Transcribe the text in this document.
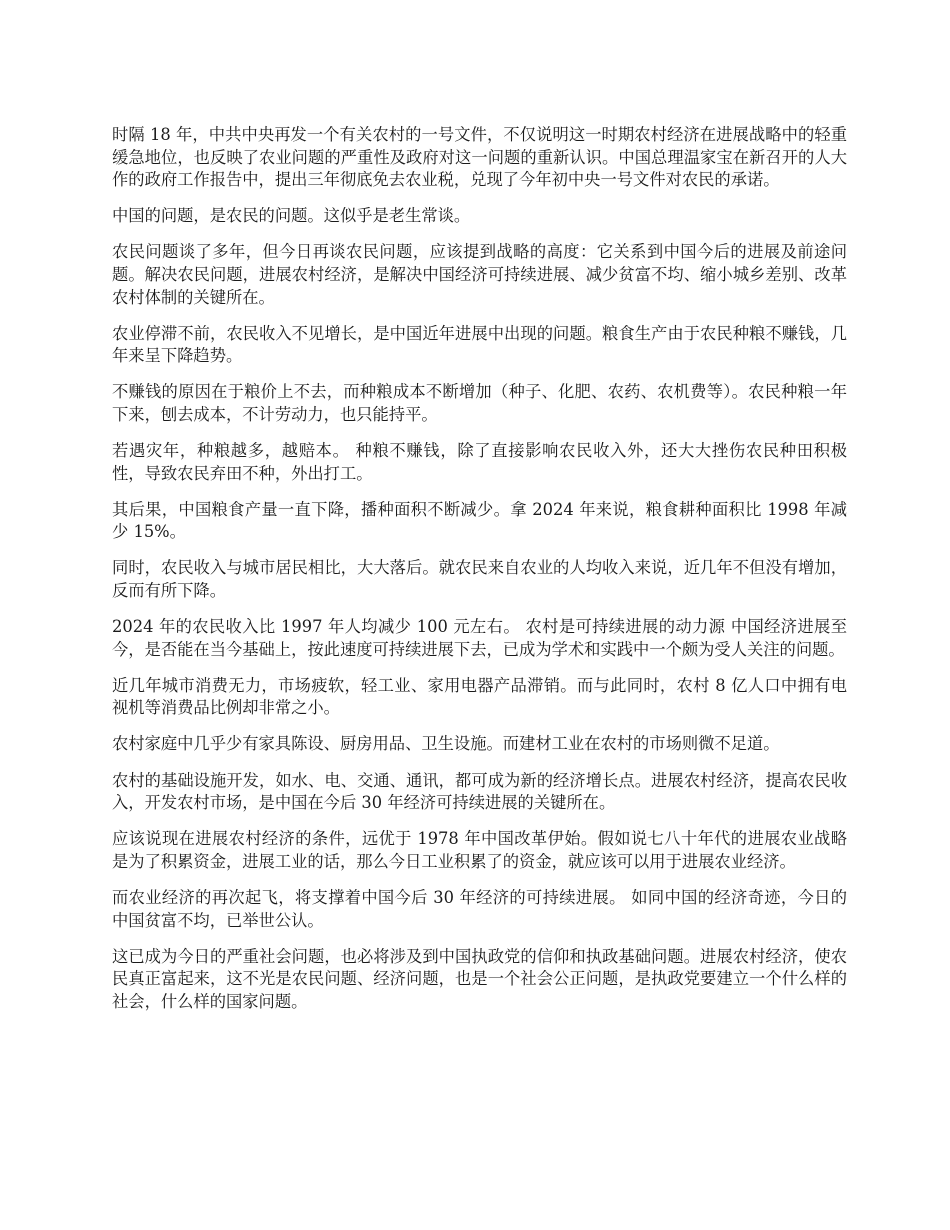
时隔 18 年，中共中央再发一个有关农村的一号文件，不仅说明这一时期农村经济在进展战略中的轻重缓急地位，也反映了农业问题的严重性及政府对这一问题的重新认识。中国总理温家宝在新召开的人大作的政府工作报告中，提出三年彻底免去农业税，兑现了今年初中央一号文件对农民的承诺。

中国的问题，是农民的问题。这似乎是老生常谈。

农民问题谈了多年，但今日再谈农民问题，应该提到战略的高度：它关系到中国今后的进展及前途问题。解决农民问题，进展农村经济，是解决中国经济可持续进展、减少贫富不均、缩小城乡差别、改革农村体制的关键所在。

农业停滞不前，农民收入不见增长，是中国近年进展中出现的问题。粮食生产由于农民种粮不赚钱，几年来呈下降趋势。

不赚钱的原因在于粮价上不去，而种粮成本不断增加（种子、化肥、农药、农机费等）。农民种粮一年下来，刨去成本，不计劳动力，也只能持平。

若遇灾年，种粮越多，越赔本。 种粮不赚钱，除了直接影响农民收入外，还大大挫伤农民种田积极性，导致农民弃田不种，外出打工。

其后果，中国粮食产量一直下降，播种面积不断减少。拿 2024 年来说，粮食耕种面积比 1998 年减少 15%。

同时，农民收入与城市居民相比，大大落后。就农民来自农业的人均收入来说，近几年不但没有增加，反而有所下降。

2024 年的农民收入比 1997 年人均减少 100 元左右。 农村是可持续进展的动力源 中国经济进展至今，是否能在当今基础上，按此速度可持续进展下去，已成为学术和实践中一个颇为受人关注的问题。

近几年城市消费无力，市场疲软，轻工业、家用电器产品滞销。而与此同时，农村 8 亿人口中拥有电视机等消费品比例却非常之小。

农村家庭中几乎少有家具陈设、厨房用品、卫生设施。而建材工业在农村的市场则微不足道。

农村的基础设施开发，如水、电、交通、通讯，都可成为新的经济增长点。进展农村经济，提高农民收入，开发农村市场，是中国在今后 30 年经济可持续进展的关键所在。

应该说现在进展农村经济的条件，远优于 1978 年中国改革伊始。假如说七八十年代的进展农业战略是为了积累资金，进展工业的话，那么今日工业积累了的资金，就应该可以用于进展农业经济。

而农业经济的再次起飞，将支撑着中国今后 30 年经济的可持续进展。 如同中国的经济奇迹，今日的中国贫富不均，已举世公认。

这已成为今日的严重社会问题，也必将涉及到中国执政党的信仰和执政基础问题。进展农村经济，使农民真正富起来，这不光是农民问题、经济问题，也是一个社会公正问题，是执政党要建立一个什么样的社会，什么样的国家问题。
